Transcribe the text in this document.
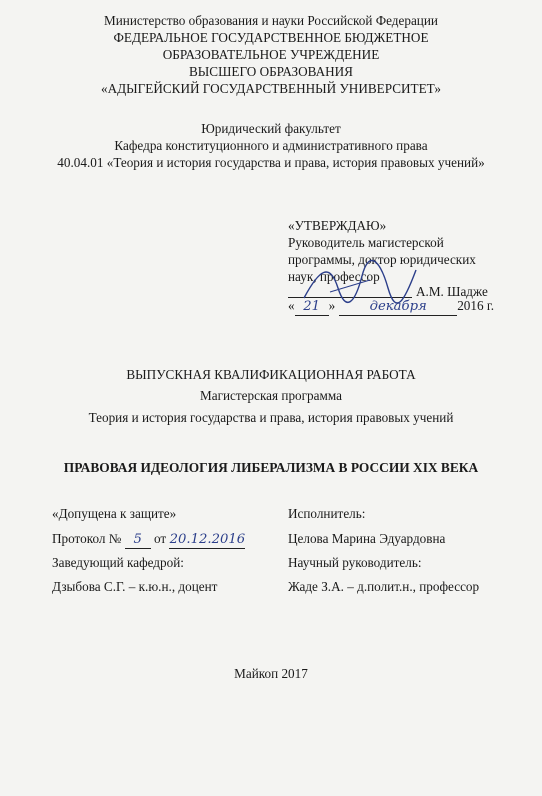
Министерство образования и науки Российской Федерации
ФЕДЕРАЛЬНОЕ ГОСУДАРСТВЕННОЕ БЮДЖЕТНОЕ
ОБРАЗОВАТЕЛЬНОЕ УЧРЕЖДЕНИЕ
ВЫСШЕГО ОБРАЗОВАНИЯ
«АДЫГЕЙСКИЙ ГОСУДАРСТВЕННЫЙ УНИВЕРСИТЕТ»
Юридический факультет
Кафедра конституционного и административного права
40.04.01 «Теория и история государства и права, история правовых учений»
«УТВЕРЖДАЮ»
Руководитель магистерской
программы, доктор юридических
наук, профессор
А.М. Шадже
« 21 »	декабря 2016 г.
ВЫПУСКНАЯ КВАЛИФИКАЦИОННАЯ РАБОТА
Магистерская программа
Теория и история государства и права, история правовых учений
ПРАВОВАЯ ИДЕОЛОГИЯ ЛИБЕРАЛИЗМА В РОССИИ XIX ВЕКА
«Допущена к защите»
Протокол № 5 от 20.12.2016
Заведующий кафедрой:
Дзыбова С.Г. – к.ю.н., доцент
Исполнитель:
Целова Марина Эдуардовна
Научный руководитель:
Жаде З.А. – д.полит.н., профессор
Майкоп 2017
